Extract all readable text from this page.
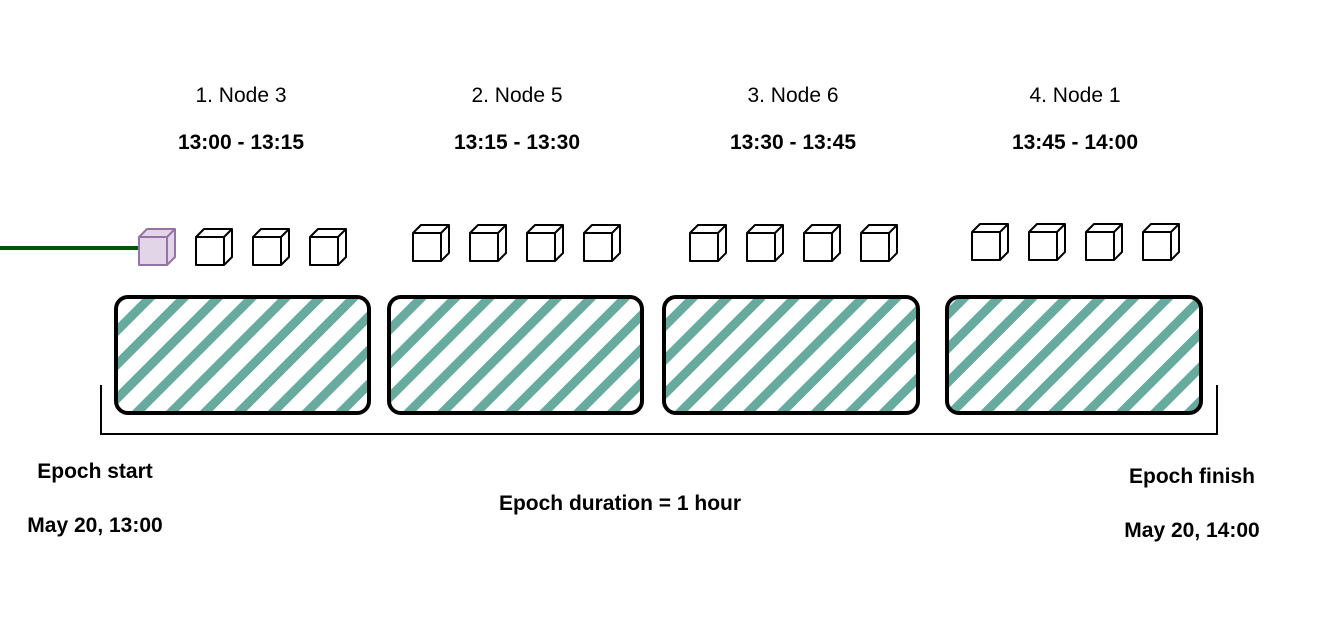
1. Node 3
13:00 - 13:15
2. Node 5
13:15 - 13:30
3. Node 6
13:30 - 13:45
4. Node 1
13:45 - 14:00
Epoch start
May 20, 13:00
Epoch finish
May 20, 14:00
Epoch duration = 1 hour
